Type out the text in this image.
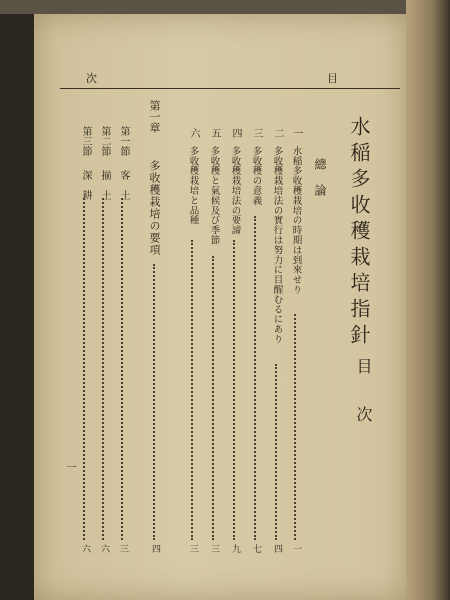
次	目
水稲多收穫栽培指針
目　次
總論
一
水稲多收穫栽培の時期は到來せり
一
二
多收穫栽培法の實行は努力に目醒むるにあり
四
三
多收穫の意義
七
四
多收穫栽培法の要諦
九
五
多收穫と氣候及び季節
三
六
多收穫栽培と品種
三
第一章
多收穫栽培の要項
四
第一節
客　土
三
第二節
揃　土
六
第三節
深　耕
六
一
